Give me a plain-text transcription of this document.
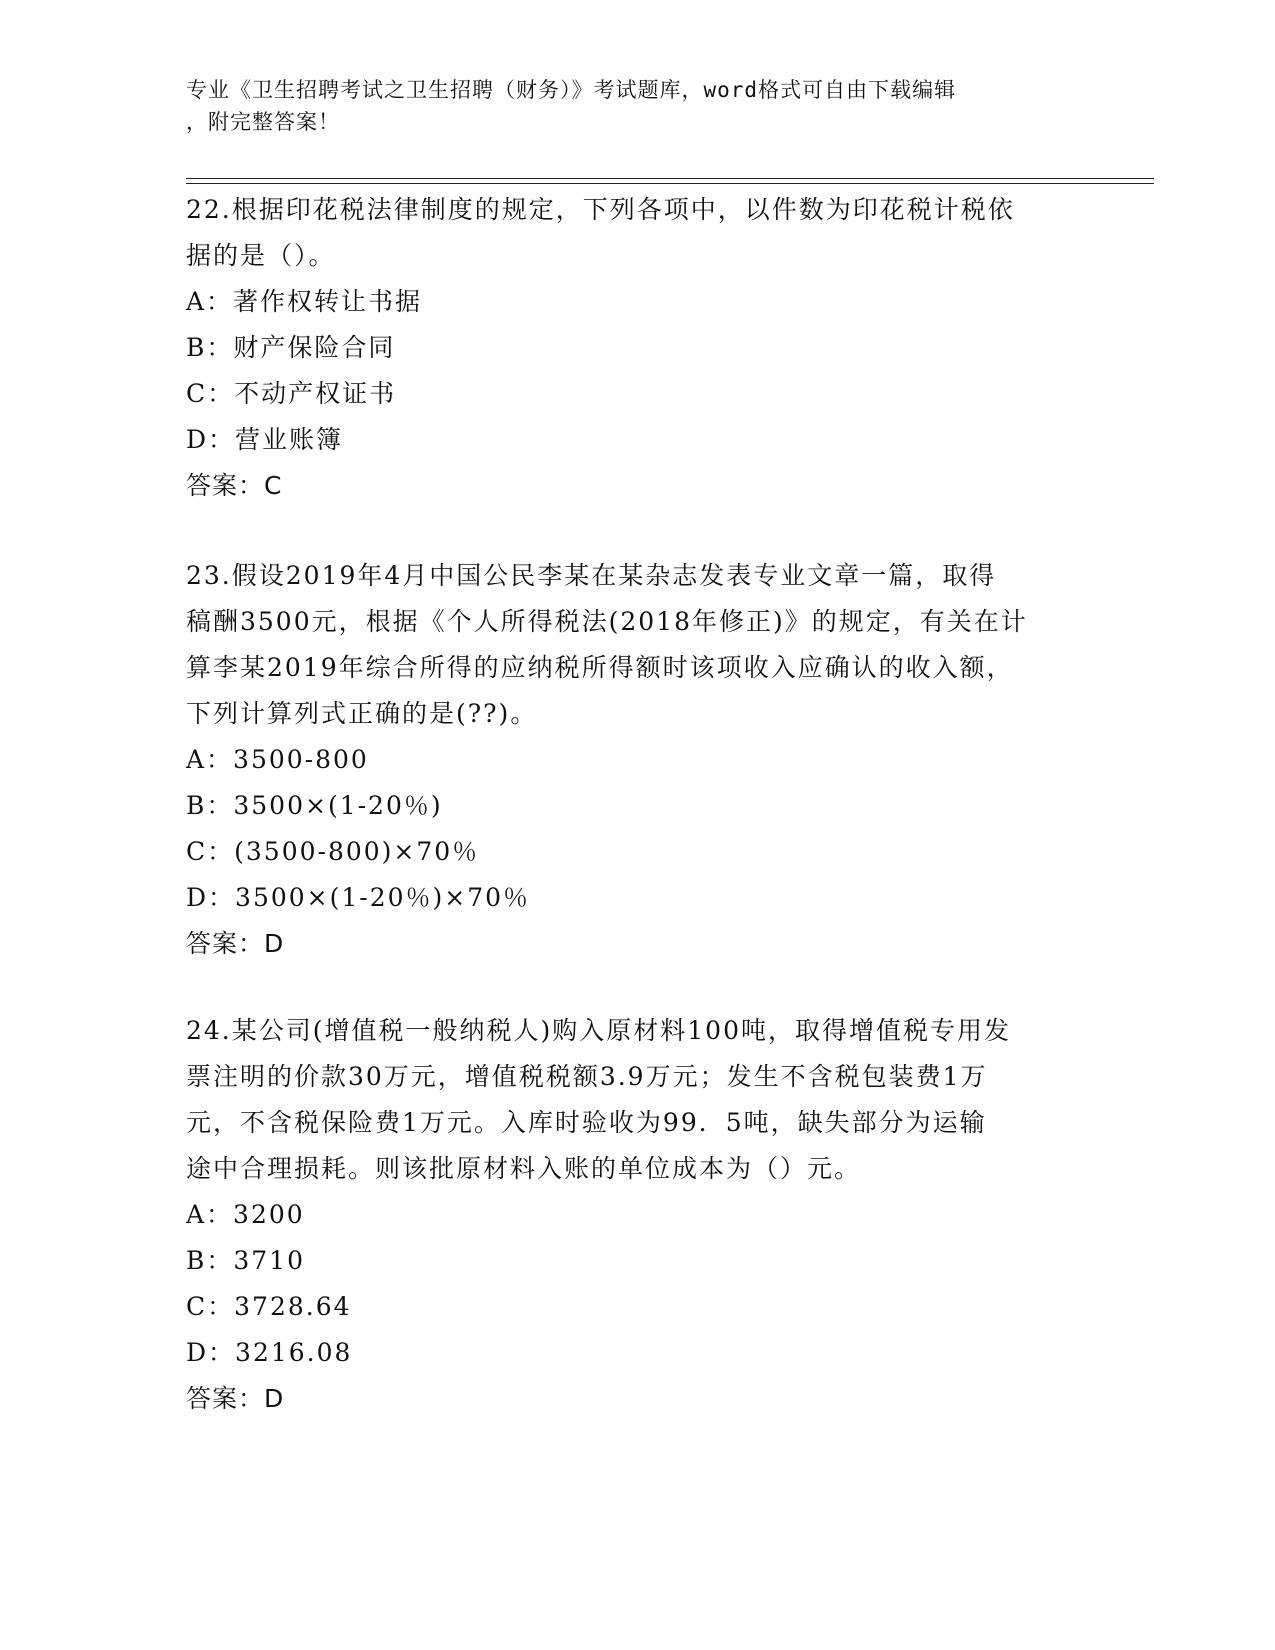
专业《卫生招聘考试之卫生招聘（财务）》考试题库，word格式可自由下载编辑
，附完整答案！
22.根据印花税法律制度的规定，下列各项中，以件数为印花税计税依
据的是（）。
A：著作权转让书据
B：财产保险合同
C：不动产权证书
D：营业账簿
答案：C
23.假设2019年4月中国公民李某在某杂志发表专业文章一篇，取得
稿酬3500元，根据《个人所得税法(2018年修正)》的规定，有关在计
算李某2019年综合所得的应纳税所得额时该项收入应确认的收入额，
下列计算列式正确的是(??)。
A：3500-800
B：3500×(1-20％)
C：(3500-800)×70％
D：3500×(1-20％)×70％
答案：D
24.某公司(增值税一般纳税人)购入原材料100吨，取得增值税专用发
票注明的价款30万元，增值税税额3.9万元；发生不含税包装费1万
元，不含税保险费1万元。入库时验收为99．5吨，缺失部分为运输
途中合理损耗。则该批原材料入账的单位成本为（）元。
A：3200
B：3710
C：3728.64
D：3216.08
答案：D
